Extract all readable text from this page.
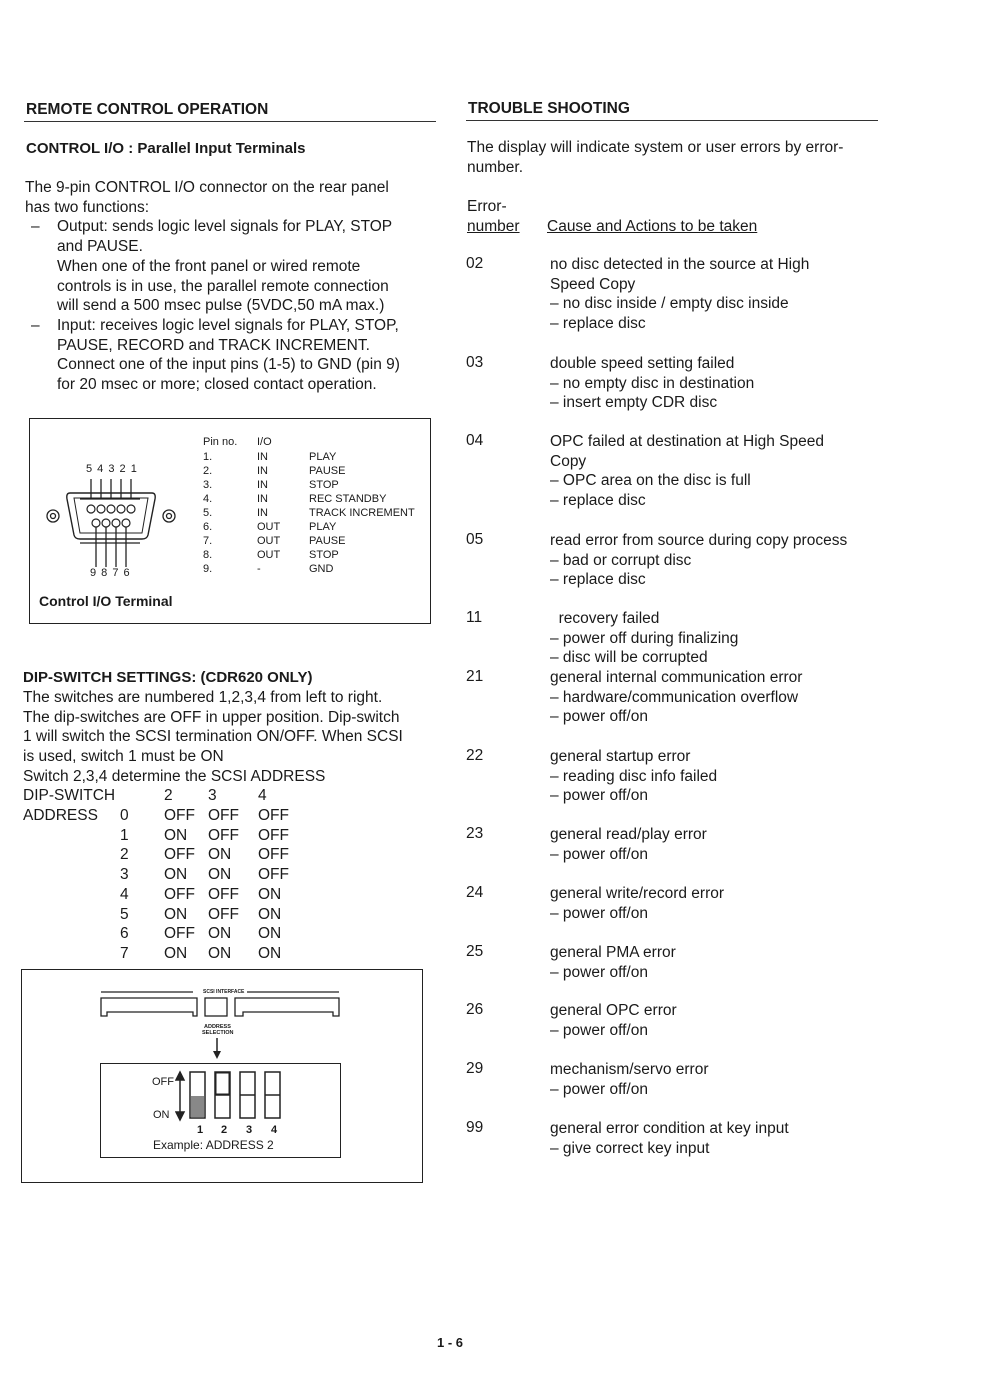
REMOTE CONTROL OPERATION
CONTROL I/O : Parallel Input Terminals
The 9-pin CONTROL I/O connector on the rear panel
has two functions:
– Output: sends logic level signals for PLAY, STOP
and PAUSE.
When one of the front panel or wired remote
controls is in use, the parallel remote connection
will send a 500 msec pulse (5VDC,50 mA max.)
– Input: receives logic level signals for PLAY, STOP,
PAUSE, RECORD and TRACK INCREMENT.
Connect one of the input pins (1-5) to GND (pin 9)
for 20 msec or more; closed contact operation.
5 4 3 2 1
9 8 7 6
Pin no. I/O
1.	IN	PLAY
2.	IN	PAUSE
3.	IN	STOP
4.	IN	REC STANDBY
5.	IN	TRACK INCREMENT
6.	OUT	PLAY
7.	OUT	PAUSE
8.	OUT	STOP
9.	-	GND
Control I/O Terminal
DIP-SWITCH SETTINGS: (CDR620 ONLY)
The switches are numbered 1,2,3,4 from left to right.
The dip-switches are OFF in upper position. Dip-switch
1 will switch the SCSI termination ON/OFF. When SCSI
is used, switch 1 must be ON
Switch 2,3,4 determine the SCSI ADDRESS
DIP-SWITCH	2 3	4
ADDRESS 0 OFF OFF OFF
1 ON OFF OFF
2 OFF ON OFF
3 ON ON OFF
4 OFF OFF ON
5 ON OFF ON
6 OFF ON ON
7 ON ON ON
SCSI INTERFACE
ADDRESS
SELECTION
OFF
ON
1 2 3 4
Example: ADDRESS 2
TROUBLE SHOOTING
The display will indicate system or user errors by error-
number.
Error-
number Cause and Actions to be taken
02	no disc detected in the source at High
Speed Copy
– no disc inside / empty disc inside
– replace disc
03	double speed setting failed
– no empty disc in destination
– insert empty CDR disc
04	OPC failed at destination at High Speed
Copy
– OPC area on the disc is full
– replace disc
05	read error from source during copy process
– bad or corrupt disc
– replace disc
11	recovery failed
– power off during finalizing
– disc will be corrupted
21	general internal communication error
– hardware/communication overflow
– power off/on
22	general startup error
– reading disc info failed
– power off/on
23	general read/play error
– power off/on
24	general write/record error
– power off/on
25	general PMA error
– power off/on
26	general OPC error
– power off/on
29	mechanism/servo error
– power off/on
99	general error condition at key input
– give correct key input
1 - 6
